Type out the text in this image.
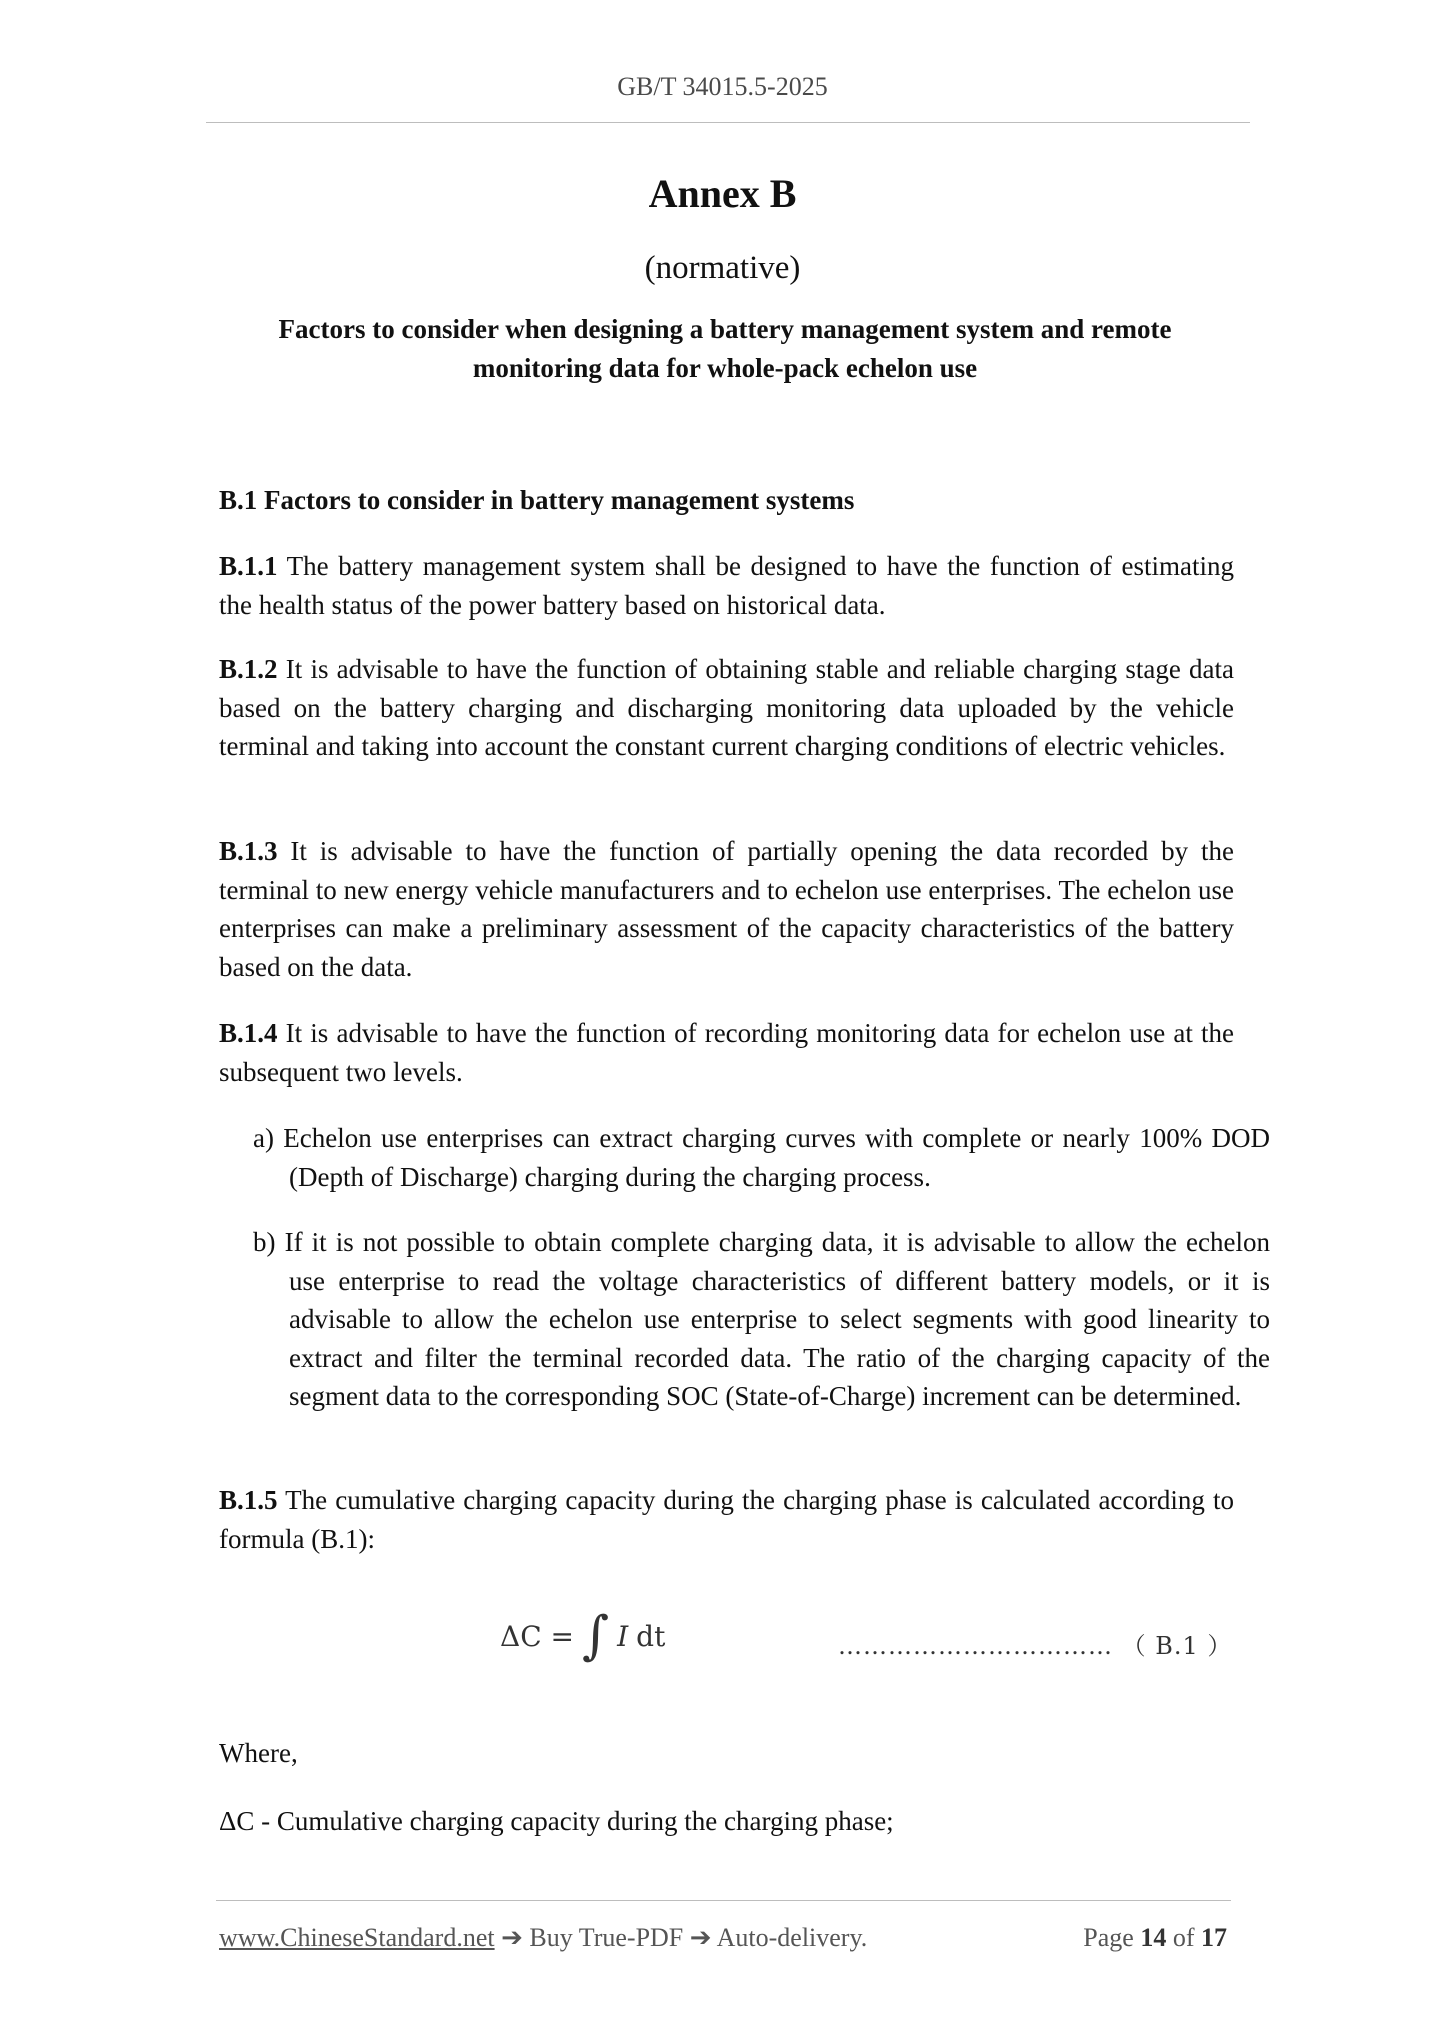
GB/T 34015.5-2025
Annex B
(normative)
Factors to consider when designing a battery management system and remote
monitoring data for whole-pack echelon use
B.1 Factors to consider in battery management systems
B.1.1 The battery management system shall be designed to have the function of estimating the health status of the power battery based on historical data.
B.1.2 It is advisable to have the function of obtaining stable and reliable charging stage data based on the battery charging and discharging monitoring data uploaded by the vehicle terminal and taking into account the constant current charging conditions of electric vehicles.
B.1.3 It is advisable to have the function of partially opening the data recorded by the terminal to new energy vehicle manufacturers and to echelon use enterprises. The echelon use enterprises can make a preliminary assessment of the capacity characteristics of the battery based on the data.
B.1.4 It is advisable to have the function of recording monitoring data for echelon use at the subsequent two levels.
a) Echelon use enterprises can extract charging curves with complete or nearly 100% DOD (Depth of Discharge) charging during the charging process.
b) If it is not possible to obtain complete charging data, it is advisable to allow the echelon use enterprise to read the voltage characteristics of different battery models, or it is advisable to allow the echelon use enterprise to select segments with good linearity to extract and filter the terminal recorded data. The ratio of the charging capacity of the segment data to the corresponding SOC (State-of-Charge) increment can be determined.
B.1.5 The cumulative charging capacity during the charging phase is calculated according to formula (B.1):
ΔC = ∫ I dt	…………………………… （ B.1 ）
Where,
ΔC - Cumulative charging capacity during the charging phase;
www.ChineseStandard.net ➔ Buy True-PDF ➔ Auto-delivery.	Page 14 of 17
